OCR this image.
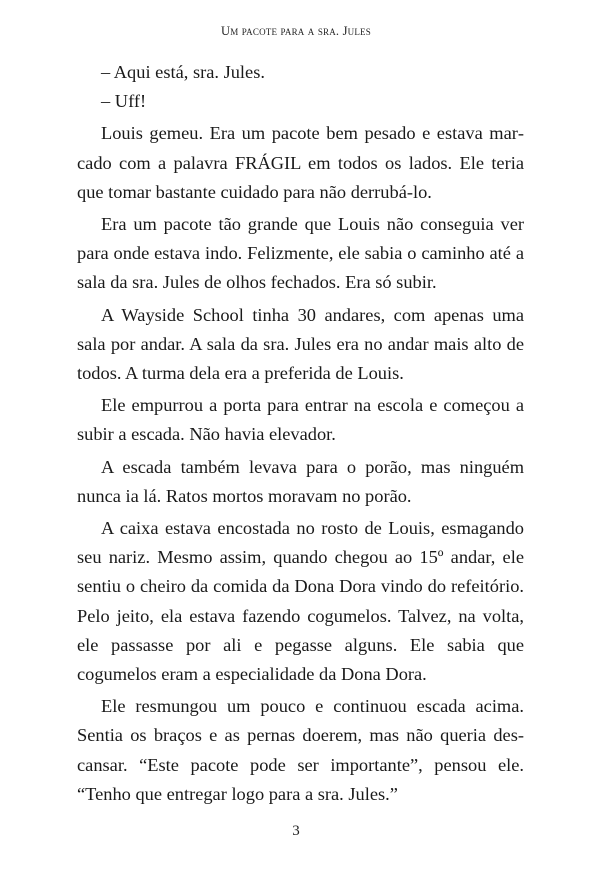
Um pacote para a sra. Jules

– Aqui está, sra. Jules.

– Uff!

Louis gemeu. Era um pacote bem pesado e estava marcado com a palavra FRÁGIL em todos os lados. Ele teria que tomar bastante cuidado para não derrubá-lo.

Era um pacote tão grande que Louis não conseguia ver para onde estava indo. Felizmente, ele sabia o caminho até a sala da sra. Jules de olhos fechados. Era só subir.

A Wayside School tinha 30 andares, com apenas uma sala por andar. A sala da sra. Jules era no andar mais alto de todos. A turma dela era a preferida de Louis.

Ele empurrou a porta para entrar na escola e começou a subir a escada. Não havia elevador.

A escada também levava para o porão, mas ninguém nunca ia lá. Ratos mortos moravam no porão.

A caixa estava encostada no rosto de Louis, esmagando seu nariz. Mesmo assim, quando chegou ao 15º andar, ele sentiu o cheiro da comida da Dona Dora vindo do refeitório. Pelo jeito, ela estava fazendo cogumelos. Talvez, na volta, ele passasse por ali e pegasse alguns. Ele sabia que cogumelos eram a especialidade da Dona Dora.

Ele resmungou um pouco e continuou escada acima. Sentia os braços e as pernas doerem, mas não queria descansar. “Este pacote pode ser importante”, pensou ele. “Tenho que entregar logo para a sra. Jules.”

3
